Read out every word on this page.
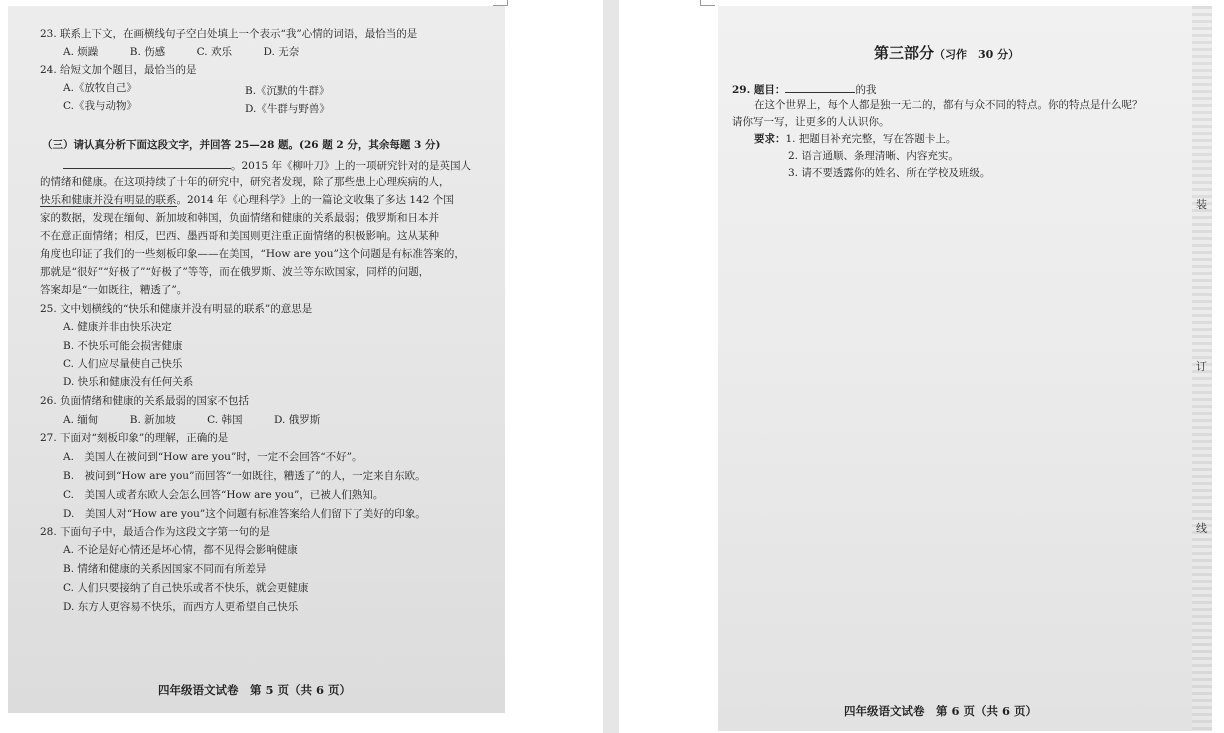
23. 联系上下文，在画横线句子空白处填上一个表示“我”心情的词语，最恰当的是
A. 烦躁　　　B. 伤感　　　C. 欢乐　　　D. 无奈
24. 给短文加个题目，最恰当的是
A.《放牧自己》	B.《沉默的牛群》
C.《我与动物》	D.《牛群与野兽》
（三）请认真分析下面这段文字，并回答 25—28 题。(26 题 2 分，其余每题 3 分)
。2015 年《柳叶刀》上的一项研究针对的是英国人
的情绪和健康。在这项持续了十年的研究中，研究者发现，除了那些患上心理疾病的人，
快乐和健康并没有明显的联系。2014 年《心理科学》上的一篇论文收集了多达 142 个国
家的数据，发现在缅甸、新加坡和韩国，负面情绪和健康的关系最弱；俄罗斯和日本并
不在意正面情绪；相反，巴西、墨西哥和美国则更注重正面情绪的积极影响。这从某种
角度也印证了我们的一些刻板印象——在美国，“How are you”这个问题是有标准答案的，
那就是“很好”“好极了”“好极了”等等，而在俄罗斯、波兰等东欧国家，同样的问题，
答案却是“一如既往，糟透了”。
25. 文中划横线的“快乐和健康并没有明显的联系”的意思是
A. 健康并非由快乐决定
B. 不快乐可能会损害健康
C. 人们应尽量使自己快乐
D. 快乐和健康没有任何关系
26. 负面情绪和健康的关系最弱的国家不包括
A. 缅甸　　　B. 新加坡　　　C. 韩国　　　D. 俄罗斯
27. 下面对“刻板印象”的理解，正确的是
A.　美国人在被问到“How are you”时，一定不会回答“不好”。
B.　被问到“How are you”而回答“一如既往，糟透了”的人，一定来自东欧。
C.　美国人或者东欧人会怎么回答“How are you”，已被人们熟知。
D.　美国人对“How are you”这个问题有标准答案给人们留下了美好的印象。
28. 下面句子中，最适合作为这段文字第一句的是
A. 不论是好心情还是坏心情，都不见得会影响健康
B. 情绪和健康的关系因国家不同而有所差异
C. 人们只要接纳了自己快乐或者不快乐，就会更健康
D. 东方人更容易不快乐，而西方人更希望自己快乐
四年级语文试卷　第 5 页（共 6 页）
第三部分（习作　30 分）
29. 题目：	的我
在这个世界上，每个人都是独一无二的，都有与众不同的特点。你的特点是什么呢？
请你写一写，让更多的人认识你。
要求：1. 把题目补充完整，写在答题卡上。
2. 语言通顺、条理清晰、内容充实。
3. 请不要透露你的姓名、所在学校及班级。
装
订
线
四年级语文试卷　第 6 页（共 6 页）
